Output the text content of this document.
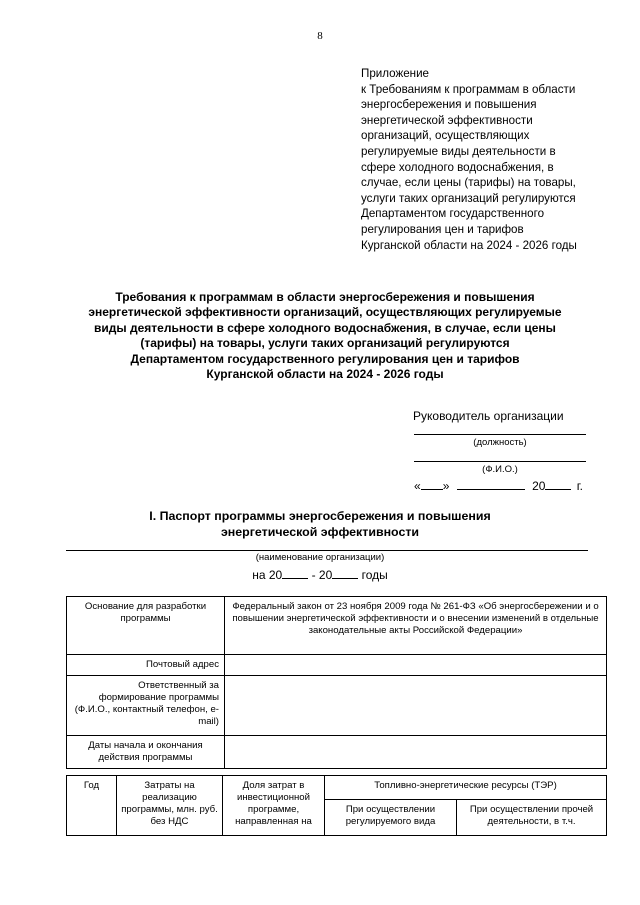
8
Приложение
к Требованиям к программам в области
энергосбережения и повышения
энергетической эффективности
организаций, осуществляющих
регулируемые виды деятельности в
сфере холодного водоснабжения, в
случае, если цены (тарифы) на товары,
услуги таких организаций регулируются
Департаментом государственного
регулирования цен и тарифов
Курганской области на 2024 - 2026 годы
Требования к программам в области энергосбережения и повышения
энергетической эффективности организаций, осуществляющих регулируемые
виды деятельности в сфере холодного водоснабжения, в случае, если цены
(тарифы) на товары, услуги таких организаций регулируются
Департаментом государственного регулирования цен и тарифов
Курганской области на 2024 - 2026 годы
Руководитель организации
(должность)
(Ф.И.О.)
« »	20	г.
I. Паспорт программы энергосбережения и повышения
энергетической эффективности
(наименование организации)
на 20 - 20 годы
Основание для разработки программы	Федеральный закон от 23 ноября 2009 года № 261-ФЗ «Об энергосбережении и о повышении энергетической эффективности и о внесении изменений в отдельные законодательные акты Российской Федерации»
Почтовый адрес	
Ответственный за формирование программы (Ф.И.О., контактный телефон, e-mail)	
Даты начала и окончания действия программы	
Год	Затраты на реализацию программы, млн. руб. без НДС	Доля затрат в инвестиционной программе, направленная на	Топливно-энергетические ресурсы (ТЭР)	
			При осуществлении регулируемого вида	При осуществлении прочей деятельности, в т.ч.
